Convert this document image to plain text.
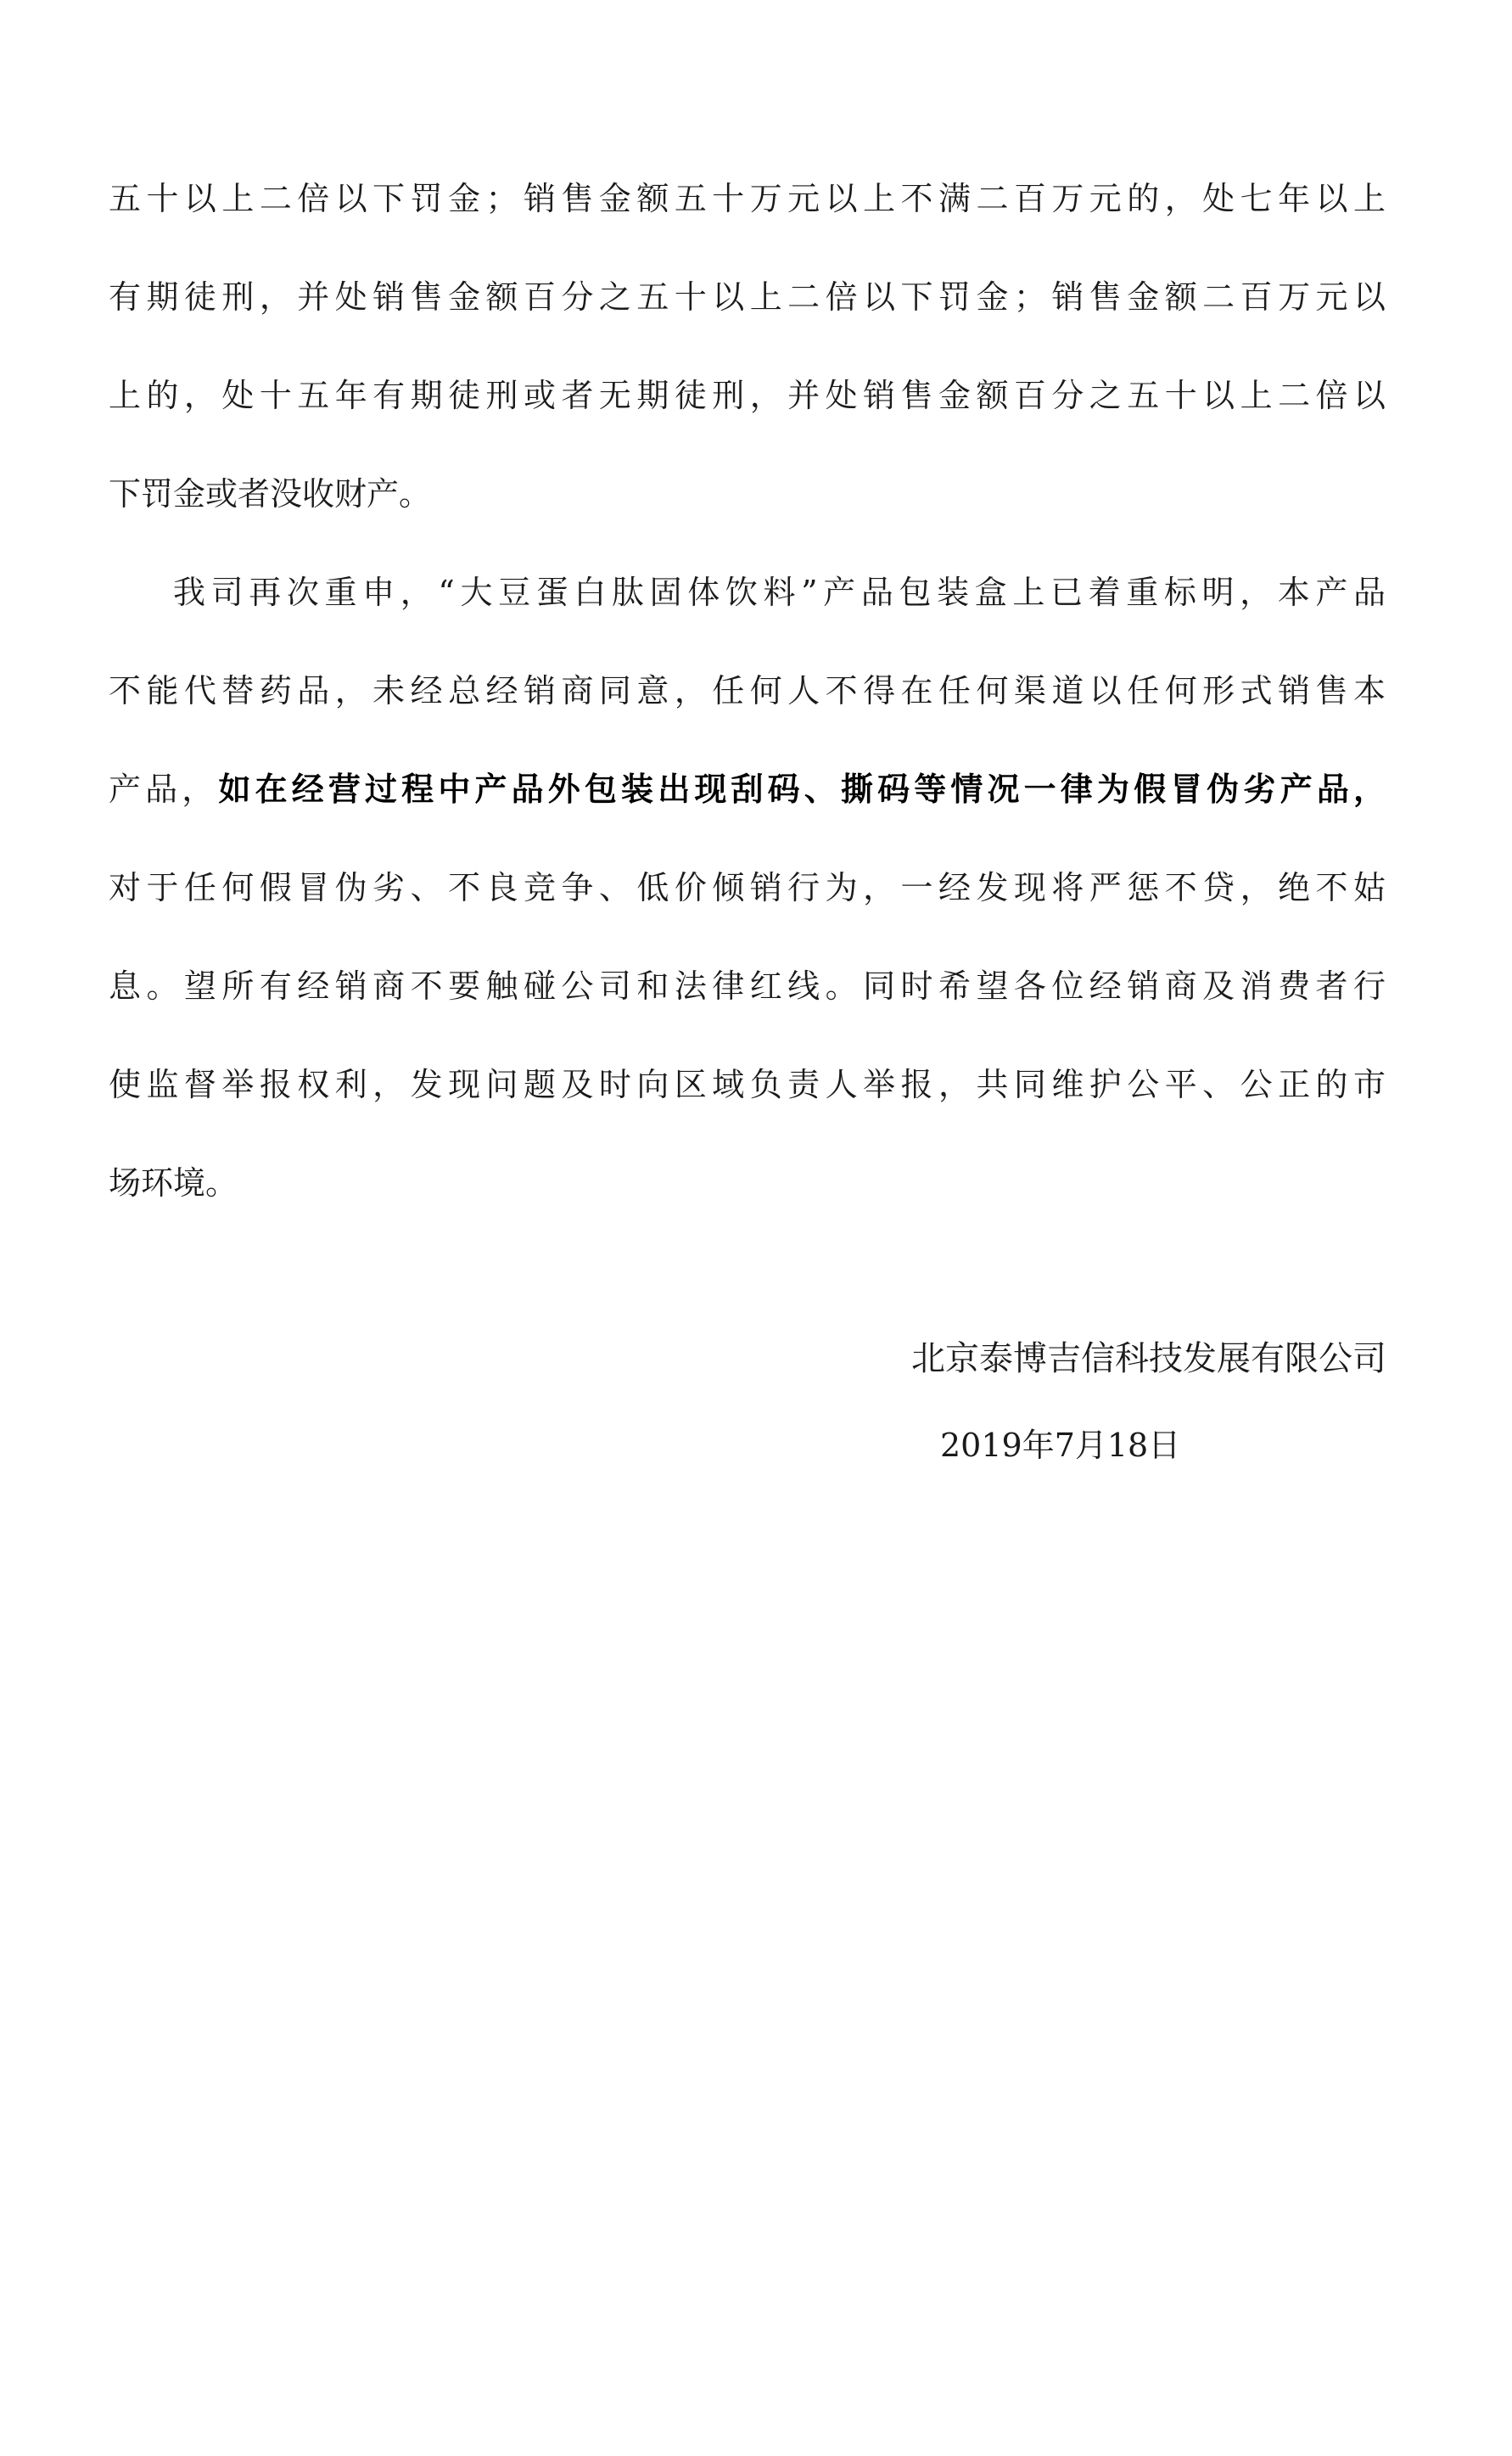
五十以上二倍以下罚金；销售金额五十万元以上不满二百万元的，处七年以上
有期徒刑，并处销售金额百分之五十以上二倍以下罚金；销售金额二百万元以
上的，处十五年有期徒刑或者无期徒刑，并处销售金额百分之五十以上二倍以
下罚金或者没收财产。
我司再次重申，“大豆蛋白肽固体饮料”产品包装盒上已着重标明，本产品
不能代替药品，未经总经销商同意，任何人不得在任何渠道以任何形式销售本
产品，如在经营过程中产品外包装出现刮码、撕码等情况一律为假冒伪劣产品，
对于任何假冒伪劣、不良竞争、低价倾销行为，一经发现将严惩不贷，绝不姑
息。望所有经销商不要触碰公司和法律红线。同时希望各位经销商及消费者行
使监督举报权利，发现问题及时向区域负责人举报，共同维护公平、公正的市
场环境。
北京泰博吉信科技发展有限公司
2019年7月18日
